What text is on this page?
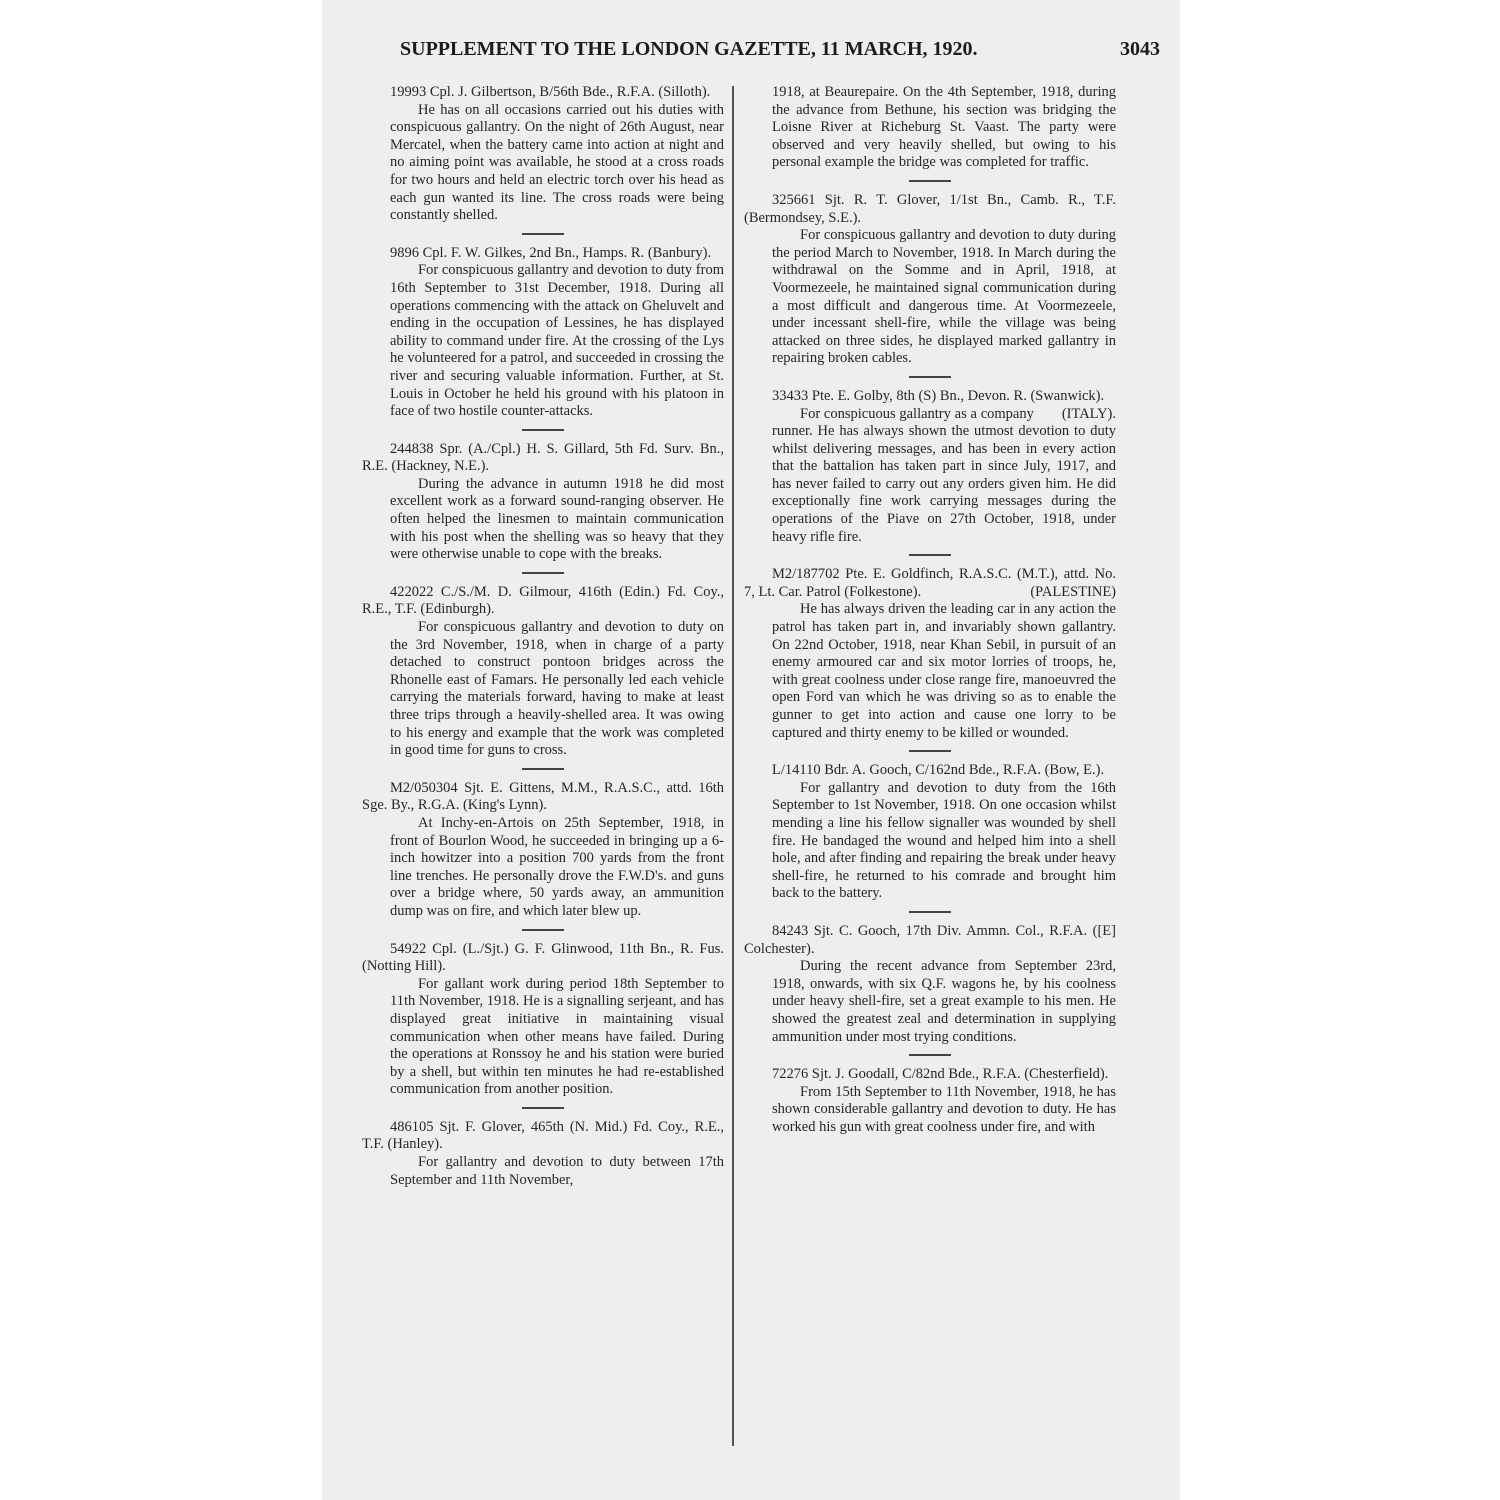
SUPPLEMENT TO THE LONDON GAZETTE, 11 MARCH, 1920.	3043

19993 Cpl. J. Gilbertson, B/56th Bde., R.F.A. (Silloth).

He has on all occasions carried out his duties with conspicuous gallantry. On the night of 26th August, near Mercatel, when the battery came into action at night and no aiming point was available, he stood at a cross roads for two hours and held an electric torch over his head as each gun wanted its line. The cross roads were being constantly shelled.

9896 Cpl. F. W. Gilkes, 2nd Bn., Hamps. R. (Banbury).

For conspicuous gallantry and devotion to duty from 16th September to 31st December, 1918. During all operations commencing with the attack on Gheluvelt and ending in the occupation of Lessines, he has displayed ability to command under fire. At the crossing of the Lys he volunteered for a patrol, and succeeded in crossing the river and securing valuable information. Further, at St. Louis in October he held his ground with his platoon in face of two hostile counter-attacks.

244838 Spr. (A./Cpl.) H. S. Gillard, 5th Fd. Surv. Bn., R.E. (Hackney, N.E.).

During the advance in autumn 1918 he did most excellent work as a forward sound-ranging observer. He often helped the linesmen to maintain communication with his post when the shelling was so heavy that they were otherwise unable to cope with the breaks.

422022 C./S./M. D. Gilmour, 416th (Edin.) Fd. Coy., R.E., T.F. (Edinburgh).

For conspicuous gallantry and devotion to duty on the 3rd November, 1918, when in charge of a party detached to construct pontoon bridges across the Rhonelle east of Famars. He personally led each vehicle carrying the materials forward, having to make at least three trips through a heavily-shelled area. It was owing to his energy and example that the work was completed in good time for guns to cross.

M2/050304 Sjt. E. Gittens, M.M., R.A.S.C., attd. 16th Sge. By., R.G.A. (King's Lynn).

At Inchy-en-Artois on 25th September, 1918, in front of Bourlon Wood, he succeeded in bringing up a 6-inch howitzer into a position 700 yards from the front line trenches. He personally drove the F.W.D's. and guns over a bridge where, 50 yards away, an ammunition dump was on fire, and which later blew up.

54922 Cpl. (L./Sjt.) G. F. Glinwood, 11th Bn., R. Fus. (Notting Hill).

For gallant work during period 18th September to 11th November, 1918. He is a signalling serjeant, and has displayed great initiative in maintaining visual communication when other means have failed. During the operations at Ronssoy he and his station were buried by a shell, but within ten minutes he had re-established communication from another position.

486105 Sjt. F. Glover, 465th (N. Mid.) Fd. Coy., R.E., T.F. (Hanley).

For gallantry and devotion to duty between 17th September and 11th November,

1918, at Beaurepaire. On the 4th September, 1918, during the advance from Bethune, his section was bridging the Loisne River at Richeburg St. Vaast. The party were observed and very heavily shelled, but owing to his personal example the bridge was completed for traffic.

325661 Sjt. R. T. Glover, 1/1st Bn., Camb. R., T.F. (Bermondsey, S.E.).

For conspicuous gallantry and devotion to duty during the period March to November, 1918. In March during the withdrawal on the Somme and in April, 1918, at Voormezeele, he maintained signal communication during a most difficult and dangerous time. At Voormezeele, under incessant shell-fire, while the village was being attacked on three sides, he displayed marked gallantry in repairing broken cables.

33433 Pte. E. Golby, 8th (S) Bn., Devon. R. (Swanwick).
(ITALY).

For conspicuous gallantry as a company runner. He has always shown the utmost devotion to duty whilst delivering messages, and has been in every action that the battalion has taken part in since July, 1917, and has never failed to carry out any orders given him. He did exceptionally fine work carrying messages during the operations of the Piave on 27th October, 1918, under heavy rifle fire.

M2/187702 Pte. E. Goldfinch, R.A.S.C. (M.T.), attd. No. 7, Lt. Car. Patrol (Folkestone).	(PALESTINE)

He has always driven the leading car in any action the patrol has taken part in, and invariably shown gallantry. On 22nd October, 1918, near Khan Sebil, in pursuit of an enemy armoured car and six motor lorries of troops, he, with great coolness under close range fire, manoeuvred the open Ford van which he was driving so as to enable the gunner to get into action and cause one lorry to be captured and thirty enemy to be killed or wounded.

L/14110 Bdr. A. Gooch, C/162nd Bde., R.F.A. (Bow, E.).

For gallantry and devotion to duty from the 16th September to 1st November, 1918. On one occasion whilst mending a line his fellow signaller was wounded by shell fire. He bandaged the wound and helped him into a shell hole, and after finding and repairing the break under heavy shell-fire, he returned to his comrade and brought him back to the battery.

84243 Sjt. C. Gooch, 17th Div. Ammn. Col., R.F.A. ([E] Colchester).

During the recent advance from September 23rd, 1918, onwards, with six Q.F. wagons he, by his coolness under heavy shell-fire, set a great example to his men. He showed the greatest zeal and determination in supplying ammunition under most trying conditions.

72276 Sjt. J. Goodall, C/82nd Bde., R.F.A. (Chesterfield).

From 15th September to 11th November, 1918, he has shown considerable gallantry and devotion to duty. He has worked his gun with great coolness under fire, and with
